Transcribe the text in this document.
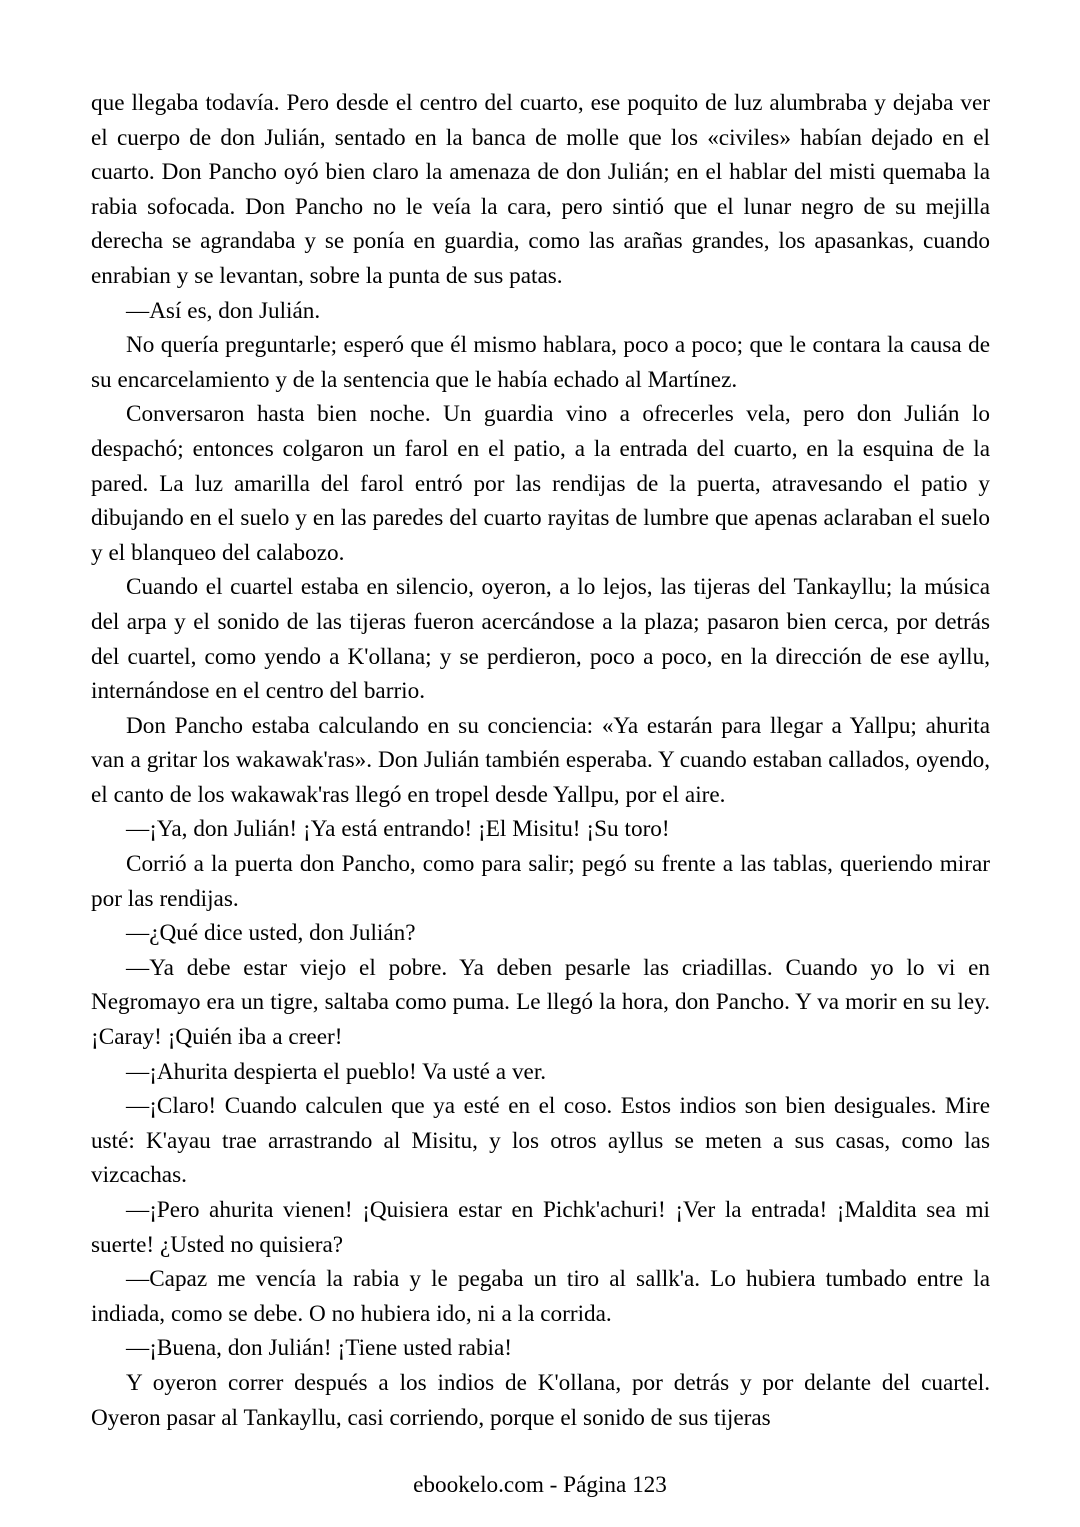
que llegaba todavía. Pero desde el centro del cuarto, ese poquito de luz alumbraba y dejaba ver el cuerpo de don Julián, sentado en la banca de molle que los «civiles» habían dejado en el cuarto. Don Pancho oyó bien claro la amenaza de don Julián; en el hablar del misti quemaba la rabia sofocada. Don Pancho no le veía la cara, pero sintió que el lunar negro de su mejilla derecha se agrandaba y se ponía en guardia, como las arañas grandes, los apasankas, cuando enrabian y se levantan, sobre la punta de sus patas.

—Así es, don Julián.

No quería preguntarle; esperó que él mismo hablara, poco a poco; que le contara la causa de su encarcelamiento y de la sentencia que le había echado al Martínez.

Conversaron hasta bien noche. Un guardia vino a ofrecerles vela, pero don Julián lo despachó; entonces colgaron un farol en el patio, a la entrada del cuarto, en la esquina de la pared. La luz amarilla del farol entró por las rendijas de la puerta, atravesando el patio y dibujando en el suelo y en las paredes del cuarto rayitas de lumbre que apenas aclaraban el suelo y el blanqueo del calabozo.

Cuando el cuartel estaba en silencio, oyeron, a lo lejos, las tijeras del Tankayllu; la música del arpa y el sonido de las tijeras fueron acercándose a la plaza; pasaron bien cerca, por detrás del cuartel, como yendo a K'ollana; y se perdieron, poco a poco, en la dirección de ese ayllu, internándose en el centro del barrio.

Don Pancho estaba calculando en su conciencia: «Ya estarán para llegar a Yallpu; ahurita van a gritar los wakawak'ras». Don Julián también esperaba. Y cuando estaban callados, oyendo, el canto de los wakawak'ras llegó en tropel desde Yallpu, por el aire.

—¡Ya, don Julián! ¡Ya está entrando! ¡El Misitu! ¡Su toro!

Corrió a la puerta don Pancho, como para salir; pegó su frente a las tablas, queriendo mirar por las rendijas.

—¿Qué dice usted, don Julián?

—Ya debe estar viejo el pobre. Ya deben pesarle las criadillas. Cuando yo lo vi en Negromayo era un tigre, saltaba como puma. Le llegó la hora, don Pancho. Y va morir en su ley. ¡Caray! ¡Quién iba a creer!

—¡Ahurita despierta el pueblo! Va usté a ver.

—¡Claro! Cuando calculen que ya esté en el coso. Estos indios son bien desiguales. Mire usté: K'ayau trae arrastrando al Misitu, y los otros ayllus se meten a sus casas, como las vizcachas.

—¡Pero ahurita vienen! ¡Quisiera estar en Pichk'achuri! ¡Ver la entrada! ¡Maldita sea mi suerte! ¿Usted no quisiera?

—Capaz me vencía la rabia y le pegaba un tiro al sallk'a. Lo hubiera tumbado entre la indiada, como se debe. O no hubiera ido, ni a la corrida.

—¡Buena, don Julián! ¡Tiene usted rabia!

Y oyeron correr después a los indios de K'ollana, por detrás y por delante del cuartel. Oyeron pasar al Tankayllu, casi corriendo, porque el sonido de sus tijeras

ebookelo.com - Página 123
